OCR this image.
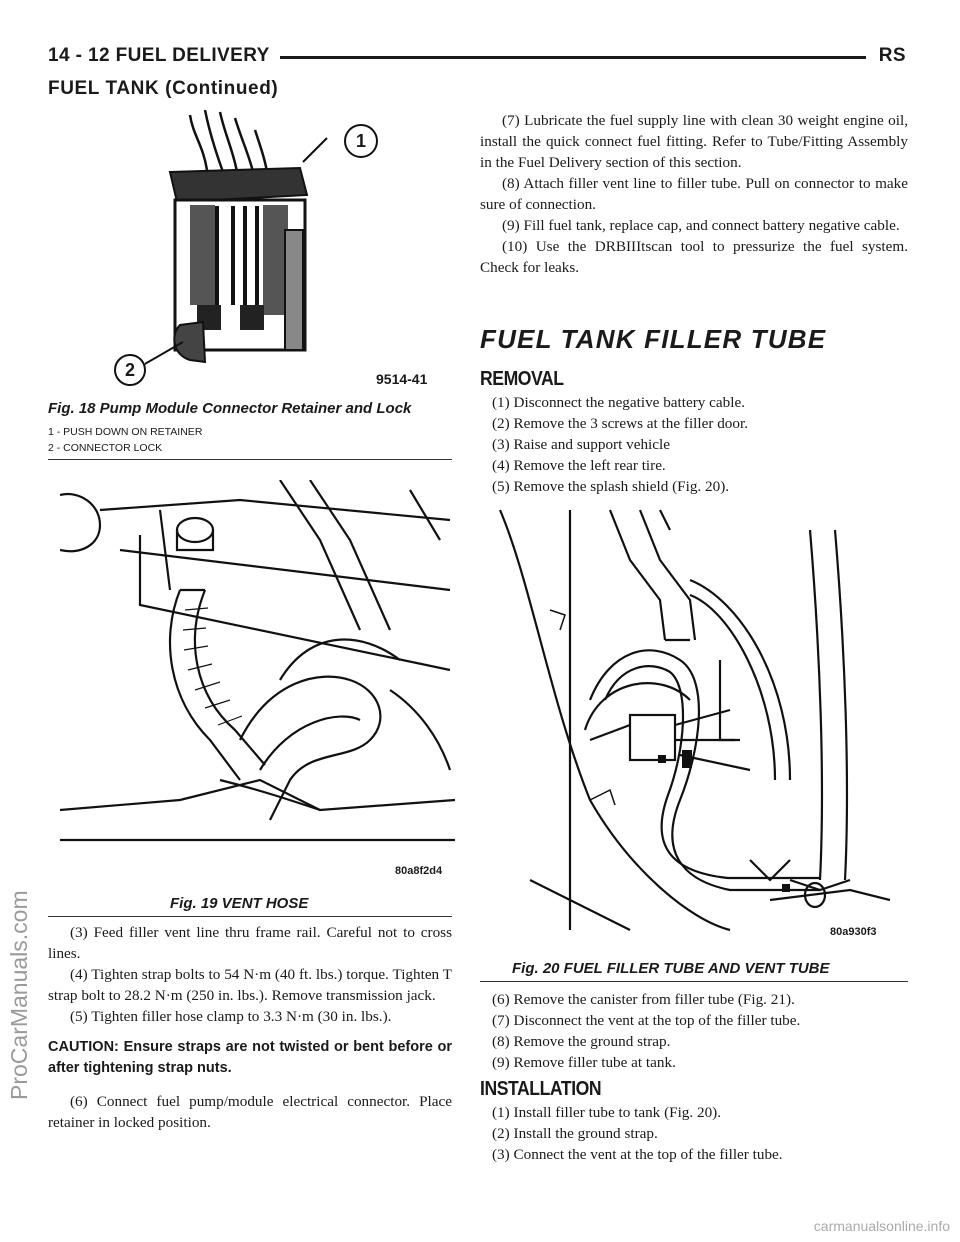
14 - 12 FUEL DELIVERY	RS
FUEL TANK (Continued)
1
2	9514-41
Fig. 18 Pump Module Connector Retainer and Lock
1 - PUSH DOWN ON RETAINER
2 - CONNECTOR LOCK
80a8f2d4
Fig. 19 VENT HOSE

(3) Feed filler vent line thru frame rail. Careful not to cross lines.

(4) Tighten strap bolts to 54 N·m (40 ft. lbs.) torque. Tighten T strap bolt to 28.2 N·m (250 in. lbs.). Remove transmission jack.

(5) Tighten filler hose clamp to 3.3 N·m (30 in. lbs.).

CAUTION: Ensure straps are not twisted or bent before or after tightening strap nuts.

(6) Connect fuel pump/module electrical connector. Place retainer in locked position.

(7) Lubricate the fuel supply line with clean 30 weight engine oil, install the quick connect fuel fitting. Refer to Tube/Fitting Assembly in the Fuel Delivery section of this section.

(8) Attach filler vent line to filler tube. Pull on connector to make sure of connection.

(9) Fill fuel tank, replace cap, and connect battery negative cable.

(10) Use the DRBIIItscan tool to pressurize the fuel system. Check for leaks.

FUEL TANK FILLER TUBE
REMOVAL

(1) Disconnect the negative battery cable.

(2) Remove the 3 screws at the filler door.

(3) Raise and support vehicle

(4) Remove the left rear tire.

(5) Remove the splash shield (Fig. 20).

80a930f3
Fig. 20 FUEL FILLER TUBE AND VENT TUBE

(6) Remove the canister from filler tube (Fig. 21).

(7) Disconnect the vent at the top of the filler tube.

(8) Remove the ground strap.

(9) Remove filler tube at tank.

INSTALLATION

(1) Install filler tube to tank (Fig. 20).

(2) Install the ground strap.

(3) Connect the vent at the top of the filler tube.

ProCarManuals.com
carmanualsonline.info
